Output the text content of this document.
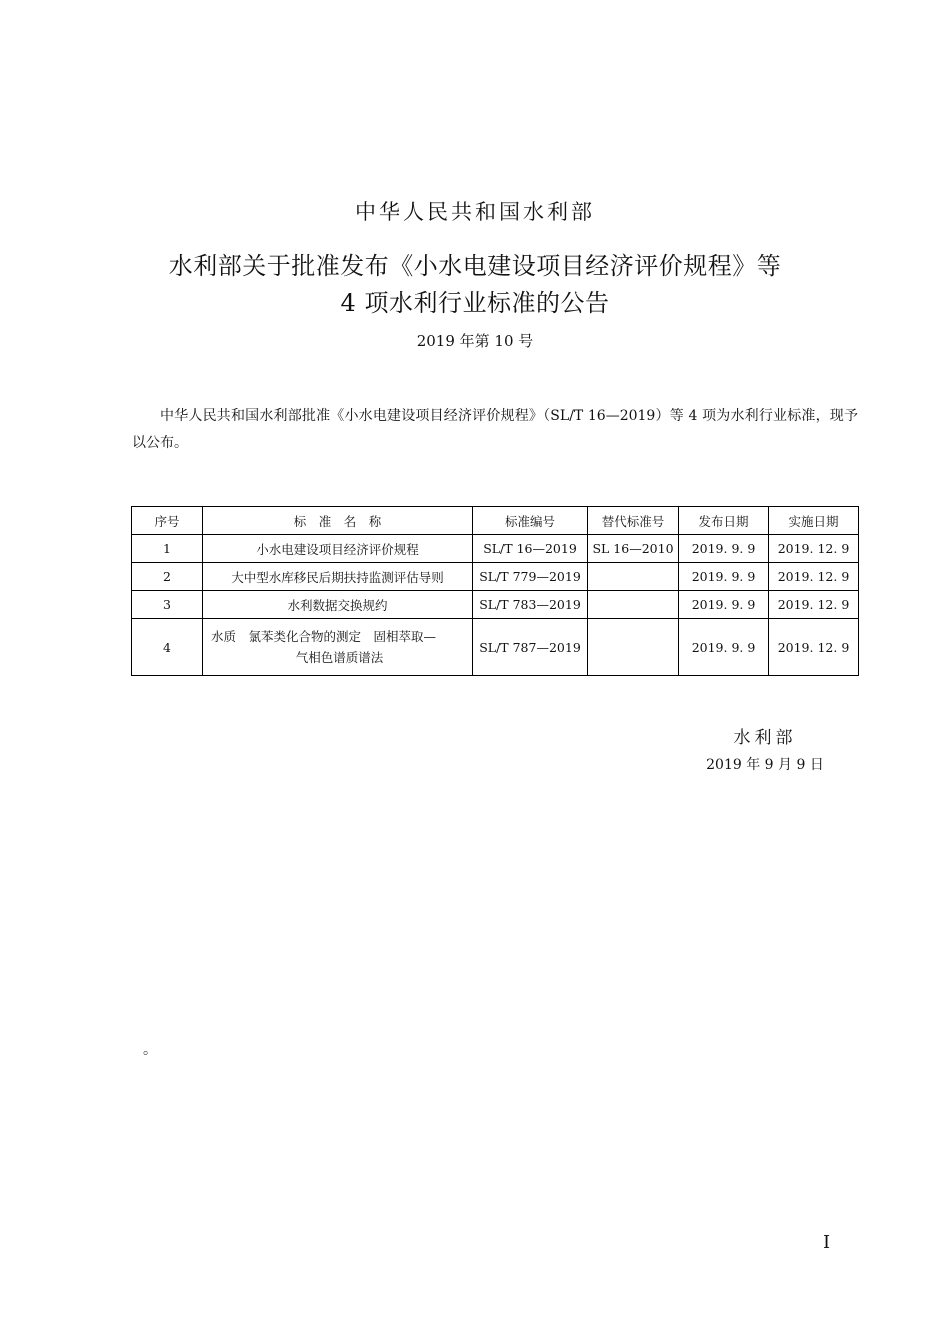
中华人民共和国水利部
水利部关于批准发布《小水电建设项目经济评价规程》等
4 项水利行业标准的公告
2019 年第 10 号
中华人民共和国水利部批准《小水电建设项目经济评价规程》（SL/T 16—2019）等 4 项为水利行业标准，现予以公布。
序号	标　准　名　称	标准编号	替代标准号	发布日期	实施日期
1	小水电建设项目经济评价规程	SL/T 16—2019	SL 16—2010	2019. 9. 9	2019. 12. 9
2	大中型水库移民后期扶持监测评估导则	SL/T 779—2019		2019. 9. 9	2019. 12. 9
3	水利数据交换规约	SL/T 783—2019		2019. 9. 9	2019. 12. 9
4	水质　氯苯类化合物的测定　固相萃取—
气相色谱质谱法	SL/T 787—2019		2019. 9. 9	2019. 12. 9
水利部
2019 年 9 月 9 日
。
I
